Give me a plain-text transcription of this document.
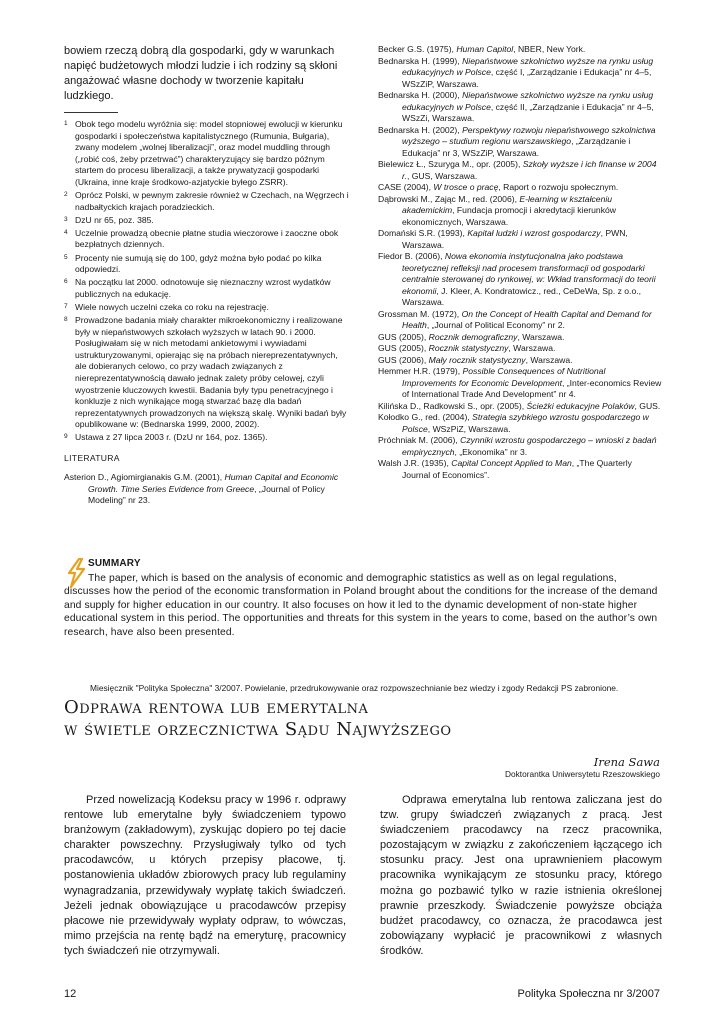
bowiem rzeczą dobrą dla gospodarki, gdy w warunkach napięć budżetowych młodzi ludzie i ich rodziny są skłoni angażować własne dochody w tworzenie kapitału ludzkiego.

1 Obok tego modelu wyróżnia się: model stopniowej ewolucji w kierunku gospodarki i społeczeństwa kapitalistycznego (Rumunia, Bułgaria), zwany modelem „wolnej liberalizacji”, oraz model muddling through („robić coś, żeby przetrwać”) charakteryzujący się bardzo późnym startem do procesu liberalizacji, a także prywatyzacji gospodarki (Ukraina, inne kraje środkowo-azjatyckie byłego ZSRR).
2 Oprócz Polski, w pewnym zakresie również w Czechach, na Węgrzech i nadbałtyckich krajach poradzieckich.
3 DzU nr 65, poz. 385.
4 Uczelnie prowadzą obecnie płatne studia wieczorowe i zaoczne obok bezpłatnych dziennych.
5 Procenty nie sumują się do 100, gdyż można było podać po kilka odpowiedzi.
6 Na początku lat 2000. odnotowuje się nieznaczny wzrost wydatków publicznych na edukację.
7 Wiele nowych uczelni czeka co roku na rejestrację.
8 Prowadzone badania miały charakter mikroekonomiczny i realizowane były w niepaństwowych szkołach wyższych w latach 90. i 2000. Posługiwałam się w nich metodami ankietowymi i wywiadami ustrukturyzowanymi, opierając się na próbach niereprezentatywnych, ale dobieranych celowo, co przy wadach związanych z niereprezentatywnością dawało jednak zalety próby celowej, czyli wyostrzenie kluczowych kwestii. Badania były typu penetracyjnego i konkluzje z nich wynikające mogą stwarzać bazę dla badań reprezentatywnych prowadzonych na większą skalę. Wyniki badań były opublikowane w: (Bednarska 1999, 2000, 2002).
9 Ustawa z 27 lipca 2003 r. (DzU nr 164, poz. 1365).
LITERATURA

Asterion D., Agiomirgianakis G.M. (2001), Human Capital and Economic Growth. Time Series Evidence from Greece, „Journal of Policy Modeling” nr 23.

Becker G.S. (1975), Human Capitol, NBER, New York.

Bednarska H. (1999), Niepaństwowe szkolnictwo wyższe na rynku usług edukacyjnych w Polsce, część I, „Zarządzanie i Edukacja” nr 4–5, WSzZiP, Warszawa.

Bednarska H. (2000), Niepaństwowe szkolnictwo wyższe na rynku usług edukacyjnych w Polsce, część II, „Zarządzanie i Edukacja” nr 4–5, WSzZi, Warszawa.

Bednarska H. (2002), Perspektywy rozwoju niepaństwowego szkolnictwa wyższego – studium regionu warszawskiego, „Zarządzanie i Edukacja” nr 3, WSzZiP, Warszawa.

Bielewicz Ł., Szuryga M., opr. (2005), Szkoły wyższe i ich finanse w 2004 r., GUS, Warszawa.

CASE (2004), W trosce o pracę, Raport o rozwoju społecznym.

Dąbrowski M., Zając M., red. (2006), E-learning w kształceniu akademickim, Fundacja promocji i akredytacji kierunków ekonomicznych, Warszawa.

Domański S.R. (1993), Kapitał ludzki i wzrost gospodarczy, PWN, Warszawa.

Fiedor B. (2006), Nowa ekonomia instytucjonalna jako podstawa teoretycznej refleksji nad procesem transformacji od gospodarki centralnie sterowanej do rynkowej, w: Wkład transformacji do teorii ekonomii, J. Kleer, A. Kondratowicz., red., CeDeWa, Sp. z o.o., Warszawa.

Grossman M. (1972), On the Concept of Health Capital and Demand for Health, „Journal of Political Economy” nr 2.

GUS (2005), Rocznik demograficzny, Warszawa.

GUS (2005), Rocznik statystyczny, Warszawa.

GUS (2006), Mały rocznik statystyczny, Warszawa.

Hemmer H.R. (1979), Possible Consequences of Nutritional Improvements for Economic Development, „Inter-economics Review of International Trade And Development” nr 4.

Kilińska D., Radkowski S., opr. (2005), Ścieżki edukacyjne Polaków, GUS.

Kołodko G., red. (2004), Strategia szybkiego wzrostu gospodarczego w Polsce, WSzPiZ, Warszawa.

Próchniak M. (2006), Czynniki wzrostu gospodarczego – wnioski z badań empirycznych, „Ekonomika” nr 3.

Walsh J.R. (1935), Capital Concept Applied to Man, „The Quarterly Journal of Economics”.

SUMMARY

The paper, which is based on the analysis of economic and demographic statistics as well as on legal regulations, discusses how the period of the economic transformation in Poland brought about the conditions for the increase of the demand and supply for higher education in our country. It also focuses on how it led to the dynamic development of non-state higher educational system in this period. The opportunities and threats for this system in the years to come, based on the author’s own research, have also been presented.

Miesięcznik "Polityka Społeczna" 3/2007. Powielanie, przedrukowywanie oraz rozpowszechnianie bez wiedzy i zgody Redakcji PS zabronione.
Odprawa rentowa lub emerytalna
w świetle orzecznictwa Sądu Najwyższego
Irena Sawa
Doktorantka Uniwersytetu Rzeszowskiego

Przed nowelizacją Kodeksu pracy w 1996 r. odprawy rentowe lub emerytalne były świadczeniem typowo branżowym (zakładowym), zyskując dopiero po tej dacie charakter powszechny. Przysługiwały tylko od tych pracodawców, u których przepisy płacowe, tj. postanowienia układów zbiorowych pracy lub regulaminy wynagradzania, przewidywały wypłatę takich świadczeń. Jeżeli jednak obowiązujące u pracodawców przepisy płacowe nie przewidywały wypłaty odpraw, to wówczas, mimo przejścia na rentę bądź na emeryturę, pracownicy tych świadczeń nie otrzymywali.

Odprawa emerytalna lub rentowa zaliczana jest do tzw. grupy świadczeń związanych z pracą. Jest świadczeniem pracodawcy na rzecz pracownika, pozostającym w związku z zakończeniem łączącego ich stosunku pracy. Jest ona uprawnieniem płacowym pracownika wynikającym ze stosunku pracy, którego można go pozbawić tylko w razie istnienia określonej prawnie przeszkody. Świadczenie powyższe obciąża budżet pracodawcy, co oznacza, że pracodawca jest zobowiązany wypłacić je pracownikowi z własnych środków.

12	Polityka Społeczna nr 3/2007
